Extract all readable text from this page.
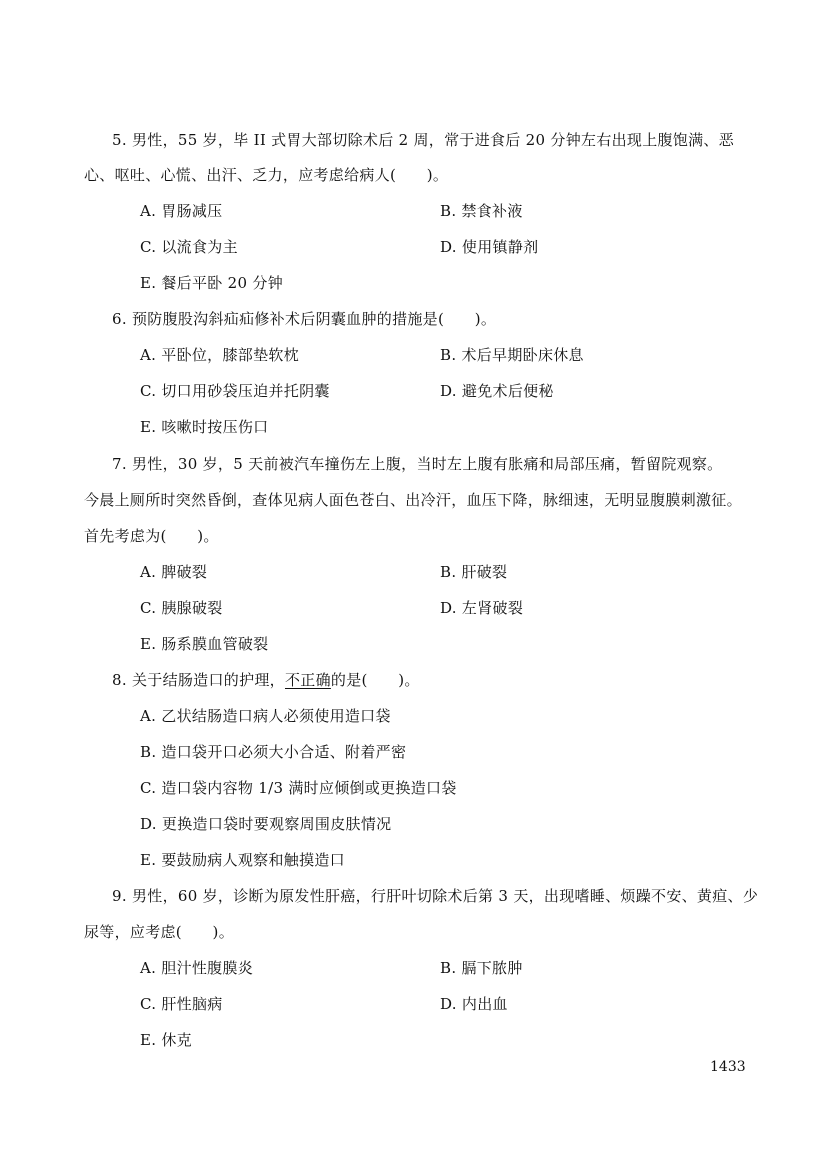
5. 男性，55 岁，毕 II 式胃大部切除术后 2 周，常于进食后 20 分钟左右出现上腹饱满、恶
心、呕吐、心慌、出汗、乏力，应考虑给病人(　　)。
A. 胃肠减压	B. 禁食补液
C. 以流食为主	D. 使用镇静剂
E. 餐后平卧 20 分钟
6. 预防腹股沟斜疝疝修补术后阴囊血肿的措施是(　　)。
A. 平卧位，膝部垫软枕	B. 术后早期卧床休息
C. 切口用砂袋压迫并托阴囊	D. 避免术后便秘
E. 咳嗽时按压伤口
7. 男性，30 岁，5 天前被汽车撞伤左上腹，当时左上腹有胀痛和局部压痛，暂留院观察。
今晨上厕所时突然昏倒，查体见病人面色苍白、出冷汗，血压下降，脉细速，无明显腹膜刺激征。
首先考虑为(　　)。
A. 脾破裂	B. 肝破裂
C. 胰腺破裂	D. 左肾破裂
E. 肠系膜血管破裂
8. 关于结肠造口的护理，不正确的是(　　)。
A. 乙状结肠造口病人必须使用造口袋
B. 造口袋开口必须大小合适、附着严密
C. 造口袋内容物 1/3 满时应倾倒或更换造口袋
D. 更换造口袋时要观察周围皮肤情况
E. 要鼓励病人观察和触摸造口
9. 男性，60 岁，诊断为原发性肝癌，行肝叶切除术后第 3 天，出现嗜睡、烦躁不安、黄疸、少
尿等，应考虑(　　)。
A. 胆汁性腹膜炎	B. 膈下脓肿
C. 肝性脑病	D. 内出血
E. 休克
1433
